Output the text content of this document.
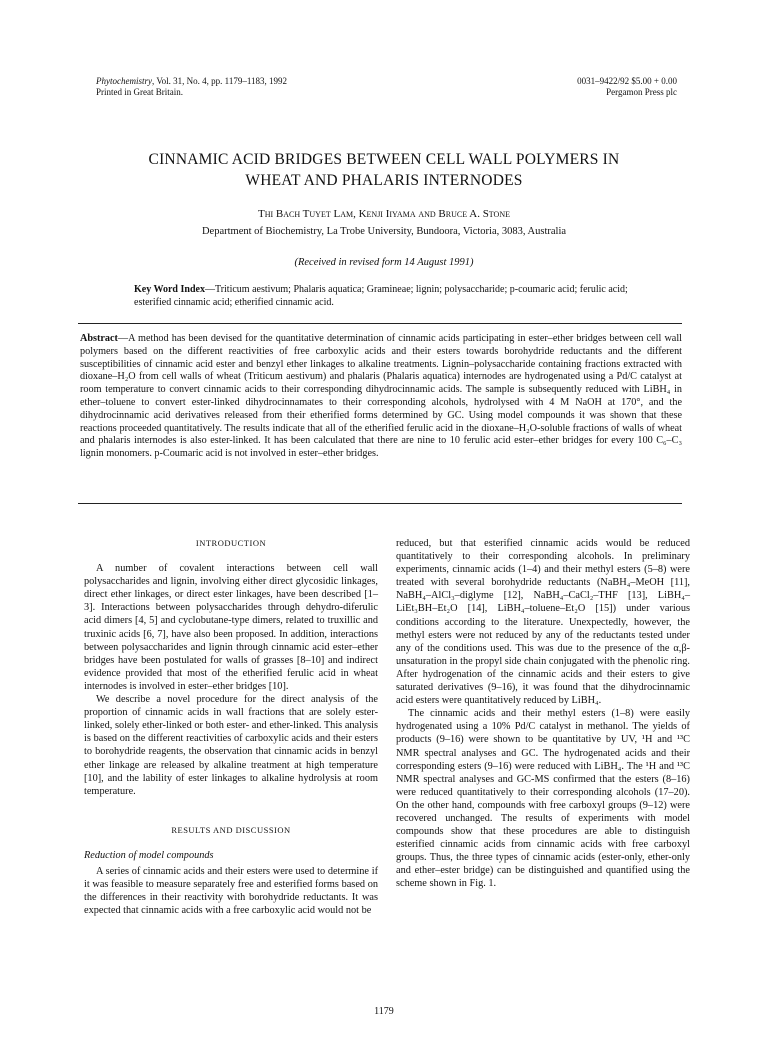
Phytochemistry, Vol. 31, No. 4, pp. 1179–1183, 1992
Printed in Great Britain.
0031–9422/92 $5.00 + 0.00
Pergamon Press plc
CINNAMIC ACID BRIDGES BETWEEN CELL WALL POLYMERS IN
WHEAT AND PHALARIS INTERNODES
Thi Bach Tuyet Lam, Kenji Iiyama and Bruce A. Stone
Department of Biochemistry, La Trobe University, Bundoora, Victoria, 3083, Australia
(Received in revised form 14 August 1991)
Key Word Index—Triticum aestivum; Phalaris aquatica; Gramineae; lignin; polysaccharide; p-coumaric acid; ferulic acid; esterified cinnamic acid; etherified cinnamic acid.
Abstract—A method has been devised for the quantitative determination of cinnamic acids participating in ester–ether bridges between cell wall polymers based on the different reactivities of free carboxylic acids and their esters towards borohydride reductants and the different susceptibilities of cinnamic acid ester and benzyl ether linkages to alkaline treatments. Lignin–polysaccharide containing fractions extracted with dioxane–H₂O from cell walls of wheat (Triticum aestivum) and phalaris (Phalaris aquatica) internodes are hydrogenated using a Pd/C catalyst at room temperature to convert cinnamic acids to their corresponding dihydrocinnamic acids. The sample is subsequently reduced with LiBH₄ in ether–toluene to convert ester-linked dihydrocinnamates to their corresponding alcohols, hydrolysed with 4 M NaOH at 170°, and the dihydrocinnamic acid derivatives released from their etherified forms determined by GC. Using model compounds it was shown that these reactions proceeded quantitatively. The results indicate that all of the etherified ferulic acid in the dioxane–H₂O-soluble fractions of walls of wheat and phalaris internodes is also ester-linked. It has been calculated that there are nine to 10 ferulic acid ester–ether bridges for every 100 C₆–C₃ lignin monomers. p-Coumaric acid is not involved in ester–ether bridges.
INTRODUCTION

A number of covalent interactions between cell wall polysaccharides and lignin, involving either direct glycosidic linkages, direct ether linkages, or direct ester linkages, have been described [1–3]. Interactions between polysaccharides through dehydro-diferulic acid dimers [4, 5] and cyclobutane-type dimers, related to truxillic and truxinic acids [6, 7], have also been proposed. In addition, interactions between polysaccharides and lignin through cinnamic acid ester–ether bridges have been postulated for walls of grasses [8–10] and indirect evidence provided that most of the etherified ferulic acid in wheat internodes is involved in ester–ether bridges [10].

We describe a novel procedure for the direct analysis of the proportion of cinnamic acids in wall fractions that are solely ester-linked, solely ether-linked or both ester- and ether-linked. This analysis is based on the different reactivities of carboxylic acids and their esters to borohydride reagents, the observation that cinnamic acids in benzyl ether linkage are released by alkaline treatment at high temperature [10], and the lability of ester linkages to alkaline hydrolysis at room temperature.

RESULTS AND DISCUSSION
Reduction of model compounds

A series of cinnamic acids and their esters were used to determine if it was feasible to measure separately free and esterified forms based on the differences in their reactivity with borohydride reductants. It was expected that cinnamic acids with a free carboxylic acid would not be

reduced, but that esterified cinnamic acids would be reduced quantitatively to their corresponding alcohols. In preliminary experiments, cinnamic acids (1–4) and their methyl esters (5–8) were treated with several borohydride reductants (NaBH₄–MeOH [11], NaBH₄–AlCl₃–diglyme [12], NaBH₄–CaCl₂–THF [13], LiBH₄–LiEt₃BH–Et₂O [14], LiBH₄–toluene–Et₂O [15]) under various conditions according to the literature. Unexpectedly, however, the methyl esters were not reduced by any of the reductants tested under any of the conditions used. This was due to the presence of the α,β-unsaturation in the propyl side chain conjugated with the phenolic ring. After hydrogenation of the cinnamic acids and their esters to give saturated derivatives (9–16), it was found that the dihydrocinnamic acid esters were quantitatively reduced by LiBH₄.

The cinnamic acids and their methyl esters (1–8) were easily hydrogenated using a 10% Pd/C catalyst in methanol. The yields of products (9–16) were shown to be quantitative by UV, ¹H and ¹³C NMR spectral analyses and GC. The hydrogenated acids and their corresponding esters (9–16) were reduced with LiBH₄. The ¹H and ¹³C NMR spectral analyses and GC-MS confirmed that the esters (8–16) were reduced quantitatively to their corresponding alcohols (17–20). On the other hand, compounds with free carboxyl groups (9–12) were recovered unchanged. The results of experiments with model compounds show that these procedures are able to distinguish esterified cinnamic acids from cinnamic acids with free carboxyl groups. Thus, the three types of cinnamic acids (ester-only, ether-only and ether–ester bridge) can be distinguished and quantified using the scheme shown in Fig. 1.

1179
